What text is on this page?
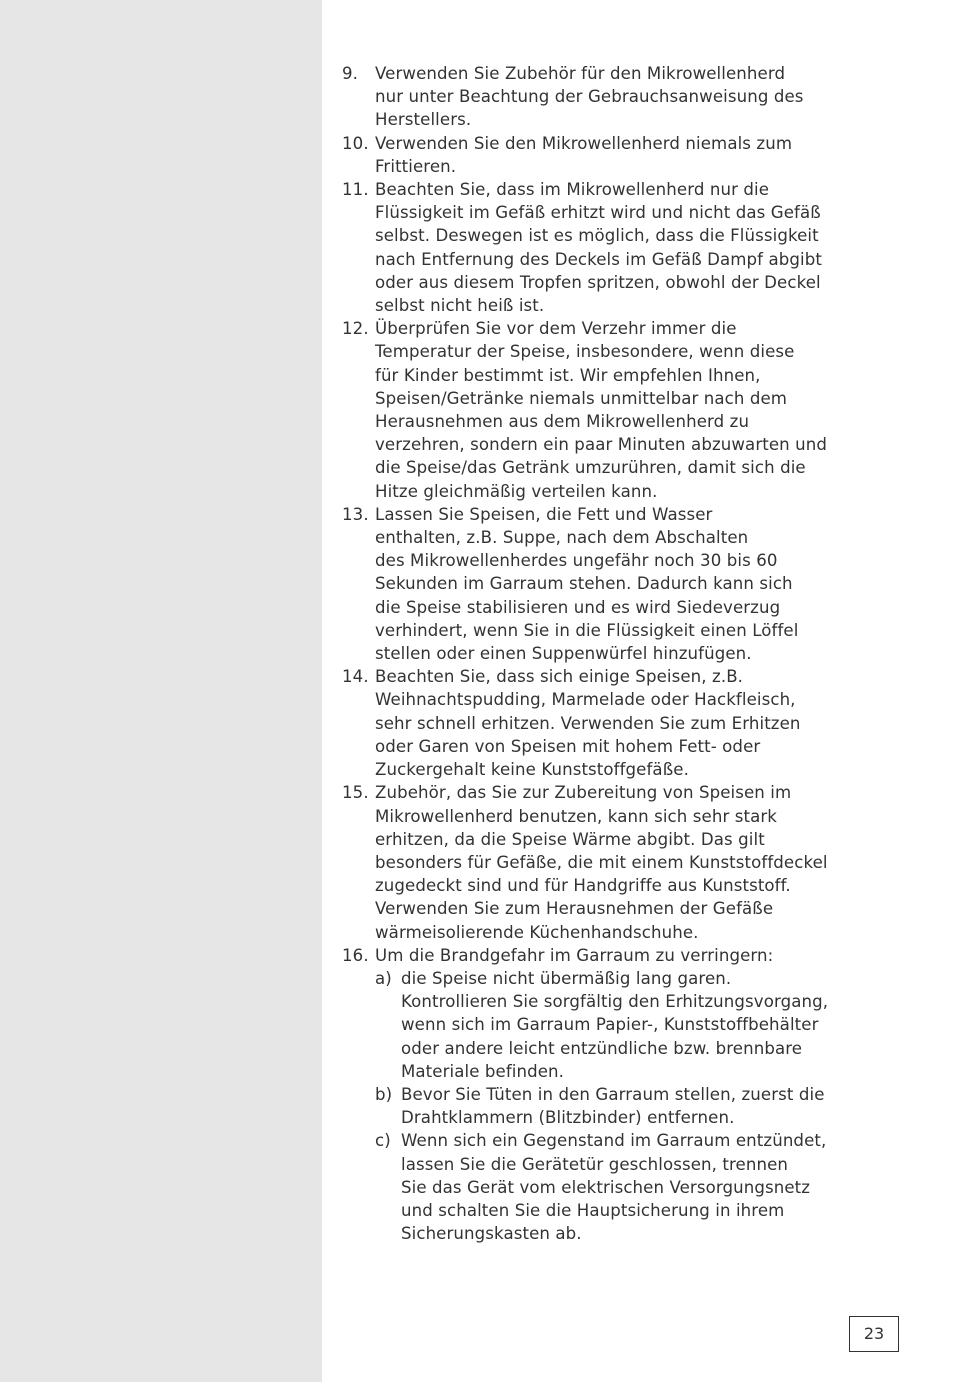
9. Verwenden Sie Zubehör für den Mikrowellenherd
nur unter Beachtung der Gebrauchsanweisung des
Herstellers.
10. Verwenden Sie den Mikrowellenherd niemals zum
Frittieren.
11. Beachten Sie, dass im Mikrowellenherd nur die
Flüssigkeit im Gefäß erhitzt wird und nicht das Gefäß
selbst. Deswegen ist es möglich, dass die Flüssigkeit
nach Entfernung des Deckels im Gefäß Dampf abgibt
oder aus diesem Tropfen spritzen, obwohl der Deckel
selbst nicht heiß ist.
12. Überprüfen Sie vor dem Verzehr immer die
Temperatur der Speise, insbesondere, wenn diese
für Kinder bestimmt ist. Wir empfehlen Ihnen,
Speisen/Getränke niemals unmittelbar nach dem
Herausnehmen aus dem Mikrowellenherd zu
verzehren, sondern ein paar Minuten abzuwarten und
die Speise/das Getränk umzurühren, damit sich die
Hitze gleichmäßig verteilen kann.
13. Lassen Sie Speisen, die Fett und Wasser
enthalten, z.B. Suppe, nach dem Abschalten
des Mikrowellenherdes ungefähr noch 30 bis 60
Sekunden im Garraum stehen. Dadurch kann sich
die Speise stabilisieren und es wird Siedeverzug
verhindert, wenn Sie in die Flüssigkeit einen Löffel
stellen oder einen Suppenwürfel hinzufügen.
14. Beachten Sie, dass sich einige Speisen, z.B.
Weihnachtspudding, Marmelade oder Hackfleisch,
sehr schnell erhitzen. Verwenden Sie zum Erhitzen
oder Garen von Speisen mit hohem Fett- oder
Zuckergehalt keine Kunststoffgefäße.
15. Zubehör, das Sie zur Zubereitung von Speisen im
Mikrowellenherd benutzen, kann sich sehr stark
erhitzen, da die Speise Wärme abgibt. Das gilt
besonders für Gefäße, die mit einem Kunststoffdeckel
zugedeckt sind und für Handgriffe aus Kunststoff.
Verwenden Sie zum Herausnehmen der Gefäße
wärmeisolierende Küchenhandschuhe.
16. Um die Brandgefahr im Garraum zu verringern:
a) die Speise nicht übermäßig lang garen.
Kontrollieren Sie sorgfältig den Erhitzungsvorgang,
wenn sich im Garraum Papier-, Kunststoffbehälter
oder andere leicht entzündliche bzw. brennbare
Materiale befinden.
b) Bevor Sie Tüten in den Garraum stellen, zuerst die
Drahtklammern (Blitzbinder) entfernen.
c) Wenn sich ein Gegenstand im Garraum entzündet,
lassen Sie die Gerätetür geschlossen, trennen
Sie das Gerät vom elektrischen Versorgungsnetz
und schalten Sie die Hauptsicherung in ihrem
Sicherungskasten ab.
23
